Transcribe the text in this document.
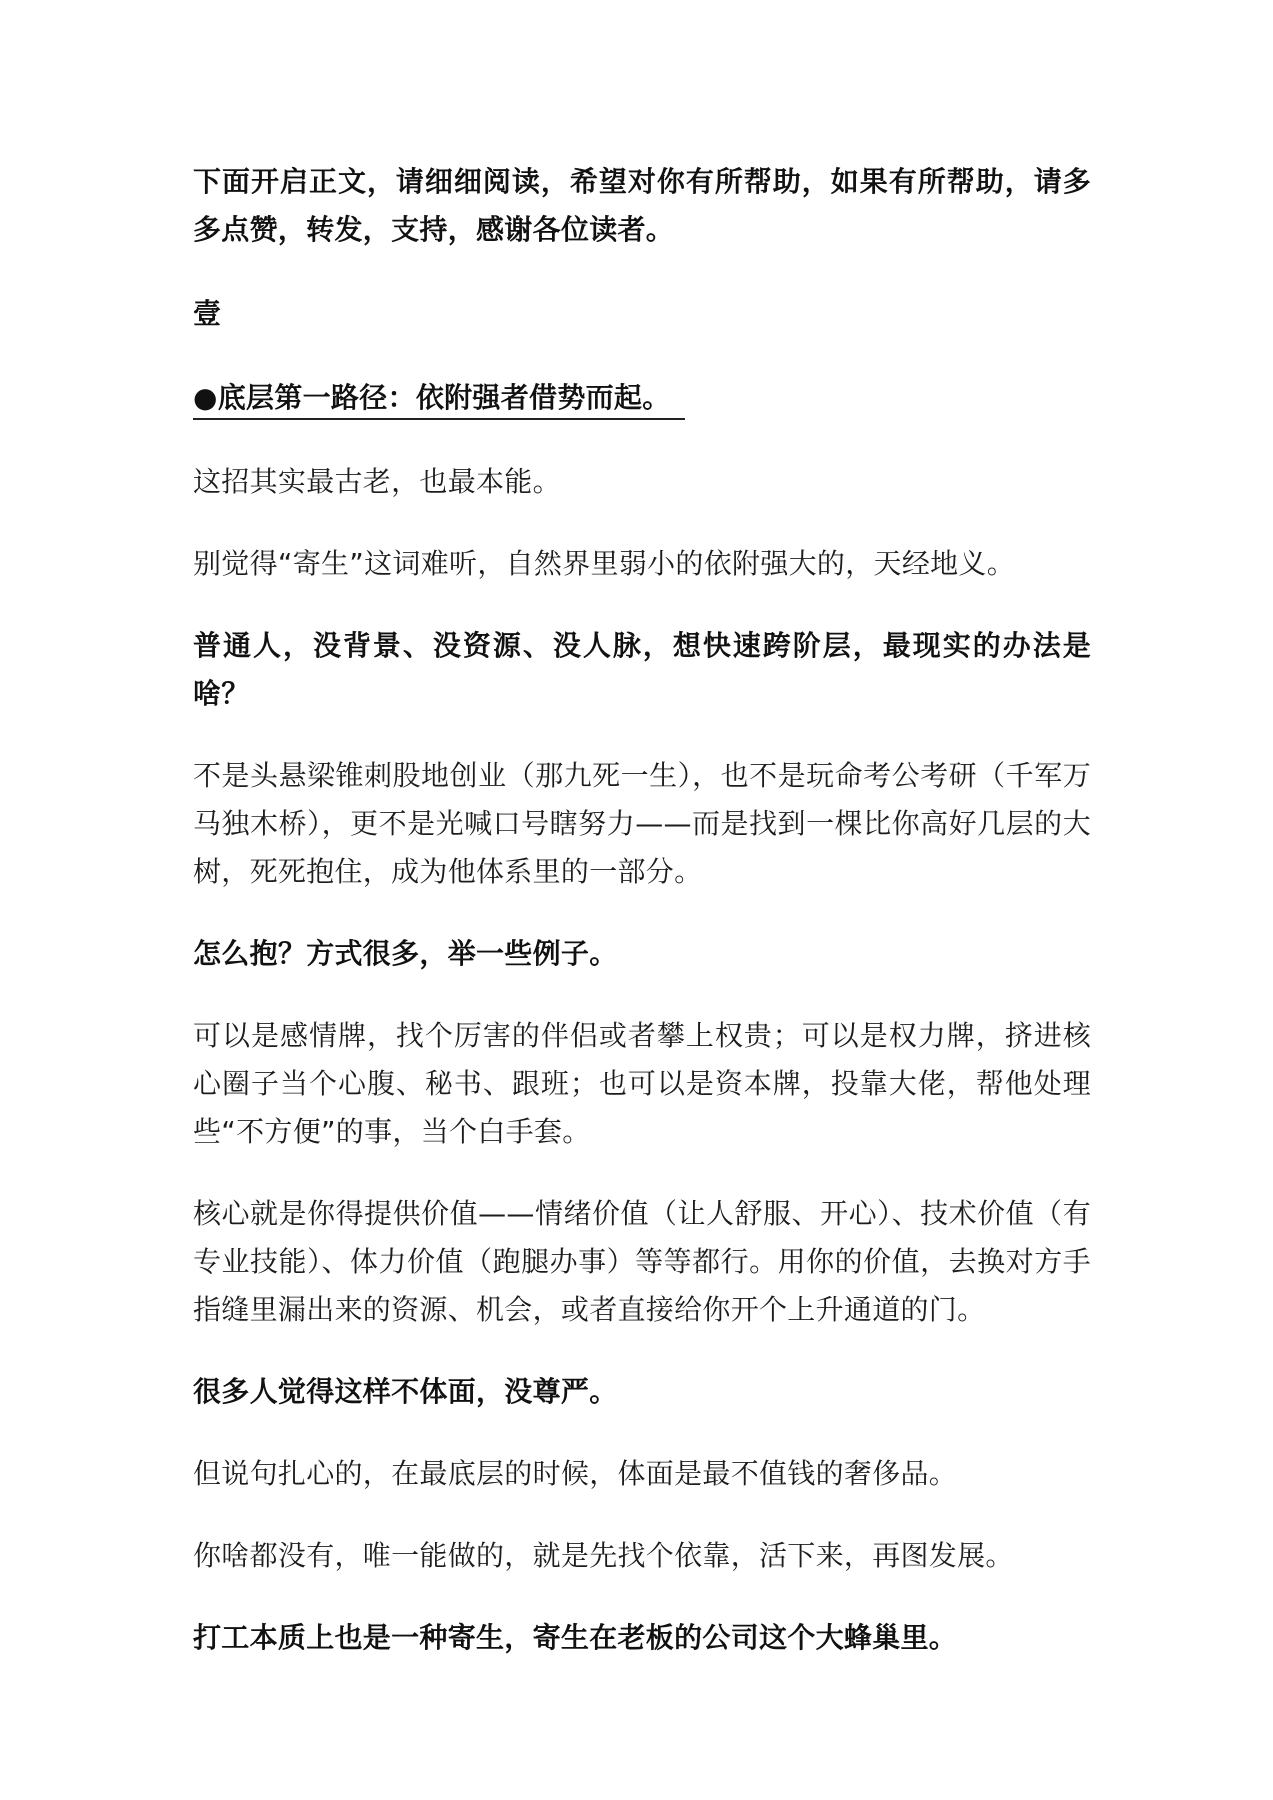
下面开启正文，请细细阅读，希望对你有所帮助，如果有所帮助，请多多点赞，转发，支持，感谢各位读者。

壹

●底层第一路径：依附强者借势而起。

这招其实最古老，也最本能。

别觉得“寄生”这词难听，自然界里弱小的依附强大的，天经地义。

普通人，没背景、没资源、没人脉，想快速跨阶层，最现实的办法是啥？

不是头悬梁锥刺股地创业（那九死一生），也不是玩命考公考研（千军万马独木桥），更不是光喊口号瞎努力——而是找到一棵比你高好几层的大树，死死抱住，成为他体系里的一部分。

怎么抱？方式很多，举一些例子。

可以是感情牌，找个厉害的伴侣或者攀上权贵；可以是权力牌，挤进核心圈子当个心腹、秘书、跟班；也可以是资本牌，投靠大佬，帮他处理些“不方便”的事，当个白手套。

核心就是你得提供价值——情绪价值（让人舒服、开心）、技术价值（有专业技能）、体力价值（跑腿办事）等等都行。用你的价值，去换对方手指缝里漏出来的资源、机会，或者直接给你开个上升通道的门。

很多人觉得这样不体面，没尊严。

但说句扎心的，在最底层的时候，体面是最不值钱的奢侈品。

你啥都没有，唯一能做的，就是先找个依靠，活下来，再图发展。

打工本质上也是一种寄生，寄生在老板的公司这个大蜂巢里。
